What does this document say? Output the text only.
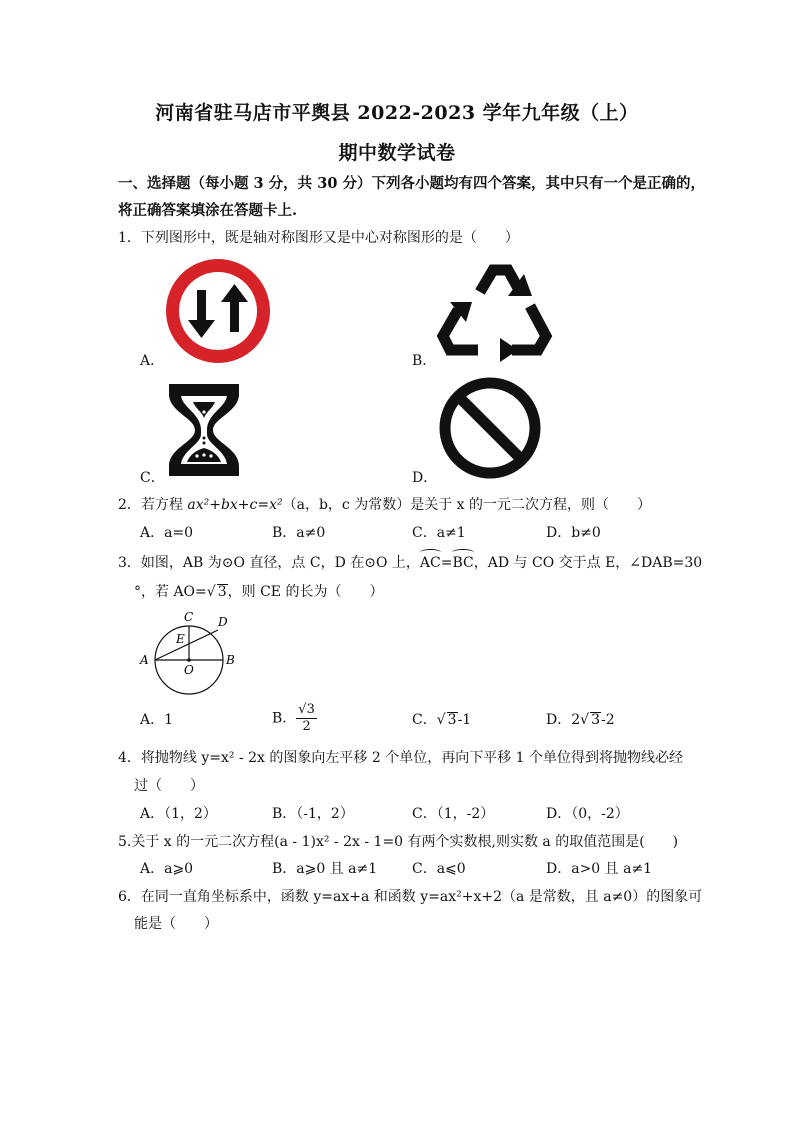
河南省驻马店市平舆县 2022-2023 学年九年级（上）
期中数学试卷
一、选择题（每小题 3 分，共 30 分）下列各小题均有四个答案，其中只有一个是正确的，
将正确答案填涂在答题卡上.
1．下列图形中，既是轴对称图形又是中心对称图形的是（　　）
A．	B．
C．	D．
2．若方程 ax²+bx+c=x²（a，b，c 为常数）是关于 x 的一元二次方程，则（　　）
A．a=0	B．a≠0	C．a≠1	D．b≠0
3．如图，AB 为⊙O 直径，点 C，D 在⊙O 上，AC=BC，AD 与 CO 交于点 E，∠DAB=30
°，若 AO=√ 3，则 CE 的长为（　　）
C D
E
A	B
O
A．1	B． $\frac{√3}{2}$	C．√ 3-1	D．2√ 3-2
4．将抛物线 y=x² - 2x 的图象向左平移 2 个单位，再向下平移 1 个单位得到将抛物线必经
过（　　）
A．（1，2）	B．（-1，2）	C．（1，-2）	D．（0，-2）
5.关于 x 的一元二次方程(a - 1)x² - 2x - 1=0 有两个实数根,则实数 a 的取值范围是(　　)
A．a⩾0	B．a⩾0 且 a≠1 C．a⩽0	D．a>0 且 a≠1
6．在同一直角坐标系中，函数 y=ax+a 和函数 y=ax²+x+2（a 是常数，且 a≠0）的图象可
能是（　　）
